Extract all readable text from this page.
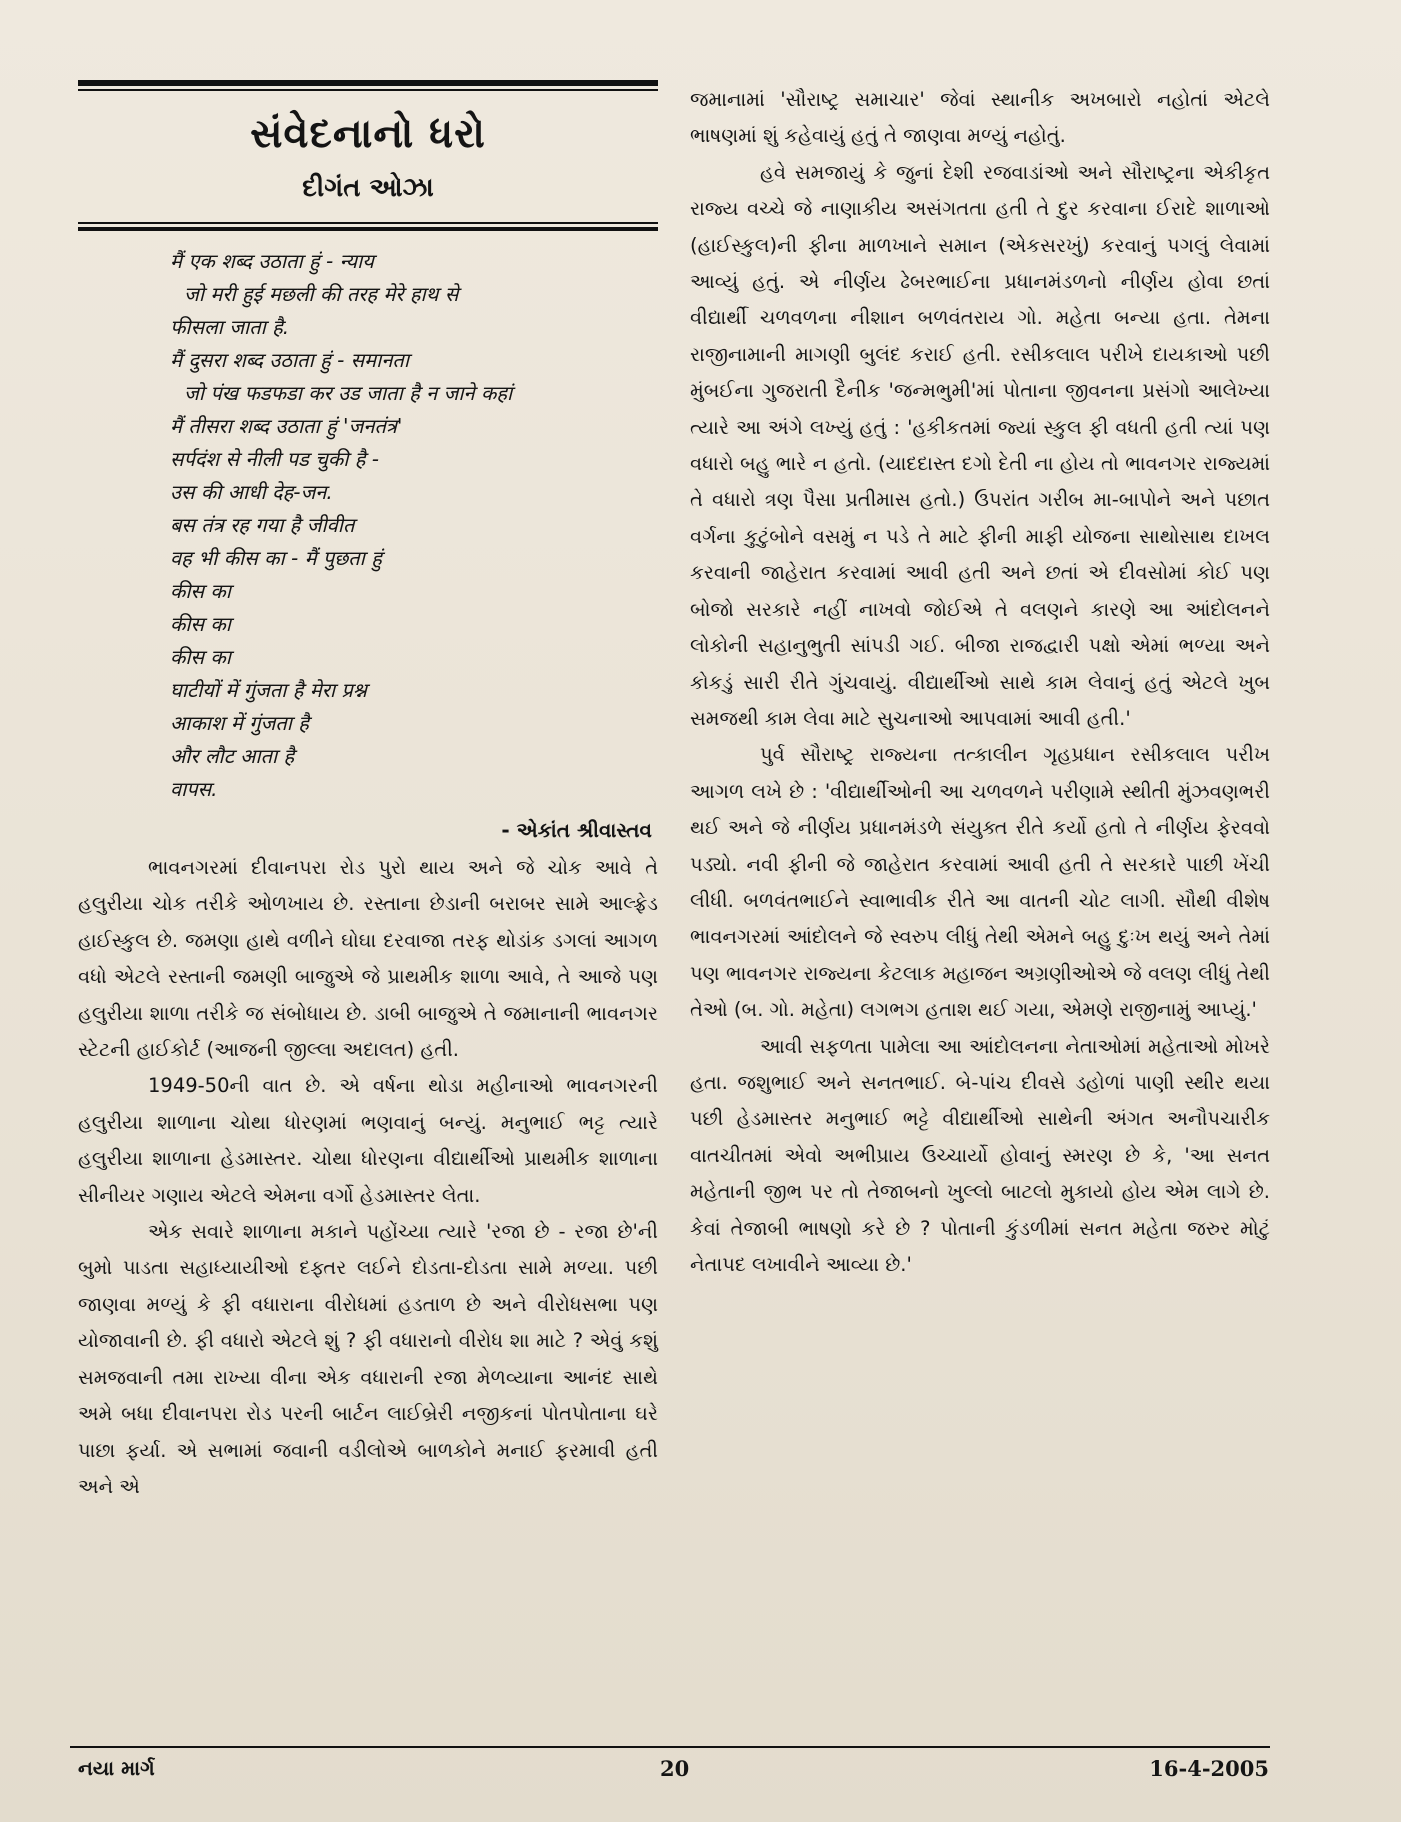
સંવેદનાનો ધરો
દીગંત ઓઝા
मैं एक शब्द उठाता हुं - न्याय
जो मरी हुई मछली की तरह मेरे हाथ से
फीसला जाता है.
मैं दुसरा शब्द उठाता हुं - समानता
जो पंख फडफडा कर उड जाता है न जाने कहां
मैं तीसरा शब्द उठाता हुं 'जनतंत्र'
सर्पदंश से नीली पड चुकी है -
उस की आधी देह-जन.
बस तंत्र रह गया है जीवीत
वह भी कीस का - मैं पुछता हुं
कीस का
कीस का
कीस का
घाटीयों में गुंजता है मेरा प्रश्न
आकाश में गुंजता है
और लौट आता है
वापस.
- એકાંત શ્રીવાસ્તવ

ભાવનગરમાં દીવાનપરા રોડ પુરો થાય અને જે ચોક આવે તે હલુરીયા ચોક તરીકે ઓળખાય છે. રસ્તાના છેડાની બરાબર સામે આલ્ફ્રેડ હાઈસ્કુલ છે. જમણા હાથે વળીને ઘોઘા દરવાજા તરફ થોડાંક ડગલાં આગળ વધો એટલે રસ્તાની જમણી બાજુએ જે પ્રાથમીક શાળા આવે, તે આજે પણ હલુરીયા શાળા તરીકે જ સંબોધાય છે. ડાબી બાજુએ તે જમાનાની ભાવનગર સ્ટેટની હાઈકોર્ટ (આજની જીલ્લા અદાલત) હતી.

1949-50ની વાત છે. એ વર્ષના થોડા મહીનાઓ ભાવનગરની હલુરીયા શાળાના ચોથા ધોરણમાં ભણવાનું બન્યું. મનુભાઈ ભટ્ટ ત્યારે હલુરીયા શાળાના હેડમાસ્તર. ચોથા ધોરણના વીદ્યાર્થીઓ પ્રાથમીક શાળાના સીનીયર ગણાય એટલે એમના વર્ગો હેડમાસ્તર લેતા.

એક સવારે શાળાના મકાને પહોંચ્યા ત્યારે 'રજા છે - રજા છે'ની બુમો પાડતા સહાધ્યાયીઓ દફ્તર લઈને દોડતા-દોડતા સામે મળ્યા. પછી જાણવા મળ્યું કે ફી વધારાના વીરોધમાં હડતાળ છે અને વીરોધસભા પણ યોજાવાની છે. ફી વધારો એટલે શું ? ફી વધારાનો વીરોધ શા માટે ? એવું કશું સમજવાની તમા રાખ્યા વીના એક વધારાની રજા મેળવ્યાના આનંદ સાથે અમે બધા દીવાનપરા રોડ પરની બાર્ટન લાઈબ્રેરી નજીકનાં પોતપોતાના ઘરે પાછા ફર્યા. એ સભામાં જવાની વડીલોએ બાળકોને મનાઈ ફરમાવી હતી અને એ

જમાનામાં 'સૌરાષ્ટ્ર સમાચાર' જેવાં સ્થાનીક અખબારો નહોતાં એટલે ભાષણમાં શું કહેવાયું હતું તે જાણવા મળ્યું નહોતું.

હવે સમજાયું કે જુનાં દેશી રજવાડાંઓ અને સૌરાષ્ટ્રના એકીકૃત રાજ્ય વચ્ચે જે નાણાકીય અસંગતતા હતી તે દુર કરવાના ઈરાદે શાળાઓ (હાઈસ્કુલ)ની ફીના માળખાને સમાન (એકસરખું) કરવાનું પગલું લેવામાં આવ્યું હતું. એ નીર્ણય ઢેબરભાઈના પ્રધાનમંડળનો નીર્ણય હોવા છતાં વીદ્યાર્થી ચળવળના નીશાન બળવંતરાય ગો. મહેતા બન્યા હતા. તેમના રાજીનામાની માગણી બુલંદ કરાઈ હતી. રસીકલાલ પરીખે દાયકાઓ પછી મુંબઈના ગુજરાતી દૈનીક 'જન્મભુમી'માં પોતાના જીવનના પ્રસંગો આલેખ્યા ત્યારે આ અંગે લખ્યું હતું : 'હકીકતમાં જ્યાં સ્કુલ ફી વધતી હતી ત્યાં પણ વધારો બહુ ભારે ન હતો. (યાદદાસ્ત દગો દેતી ના હોય તો ભાવનગર રાજ્યમાં તે વધારો ત્રણ પૈસા પ્રતીમાસ હતો.) ઉપરાંત ગરીબ મા-બાપોને અને પછાત વર્ગના કુટુંબોને વસમું ન પડે તે માટે ફીની માફી યોજના સાથોસાથ દાખલ કરવાની જાહેરાત કરવામાં આવી હતી અને છતાં એ દીવસોમાં કોઈ પણ બોજો સરકારે નહીં નાખવો જોઈએ તે વલણને કારણે આ આંદોલનને લોકોની સહાનુભુતી સાંપડી ગઈ. બીજા રાજદ્વારી પક્ષો એમાં ભળ્યા અને કોકડું સારી રીતે ગુંચવાયું. વીદ્યાર્થીઓ સાથે કામ લેવાનું હતું એટલે ખુબ સમજથી કામ લેવા માટે સુચનાઓ આપવામાં આવી હતી.'

પુર્વ સૌરાષ્ટ્ર રાજ્યના તત્કાલીન ગૃહપ્રધાન રસીકલાલ પરીખ આગળ લખે છે : 'વીદ્યાર્થીઓની આ ચળવળને પરીણામે સ્થીતી મુંઝવણભરી થઈ અને જે નીર્ણય પ્રધાનમંડળે સંયુક્ત રીતે કર્યો હતો તે નીર્ણય ફેરવવો પડ્યો. નવી ફીની જે જાહેરાત કરવામાં આવી હતી તે સરકારે પાછી ખેંચી લીધી. બળવંતભાઈને સ્વાભાવીક રીતે આ વાતની ચોટ લાગી. સૌથી વીશેષ ભાવનગરમાં આંદોલને જે સ્વરુપ લીધું તેથી એમને બહુ દુઃખ થયું અને તેમાં પણ ભાવનગર રાજ્યના કેટલાક મહાજન અગ્રણીઓએ જે વલણ લીધું તેથી તેઓ (બ. ગો. મહેતા) લગભગ હતાશ થઈ ગયા, એમણે રાજીનામું આપ્યું.'

આવી સફળતા પામેલા આ આંદોલનના નેતાઓમાં મહેતાઓ મોખરે હતા. જશુભાઈ અને સનતભાઈ. બે-પાંચ દીવસે ડહોળાં પાણી સ્થીર થયા પછી હેડમાસ્તર મનુભાઈ ભટ્ટે વીદ્યાર્થીઓ સાથેની અંગત અનૌપચારીક વાતચીતમાં એવો અભીપ્રાય ઉચ્ચાર્યો હોવાનું સ્મરણ છે કે, 'આ સનત મહેતાની જીભ પર તો તેજાબનો ખુલ્લો બાટલો મુકાયો હોય એમ લાગે છે. કેવાં તેજાબી ભાષણો કરે છે ? પોતાની કુંડળીમાં સનત મહેતા જરુર મોટું નેતાપદ લખાવીને આવ્યા છે.'

નયા માર્ગ	20	16-4-2005
